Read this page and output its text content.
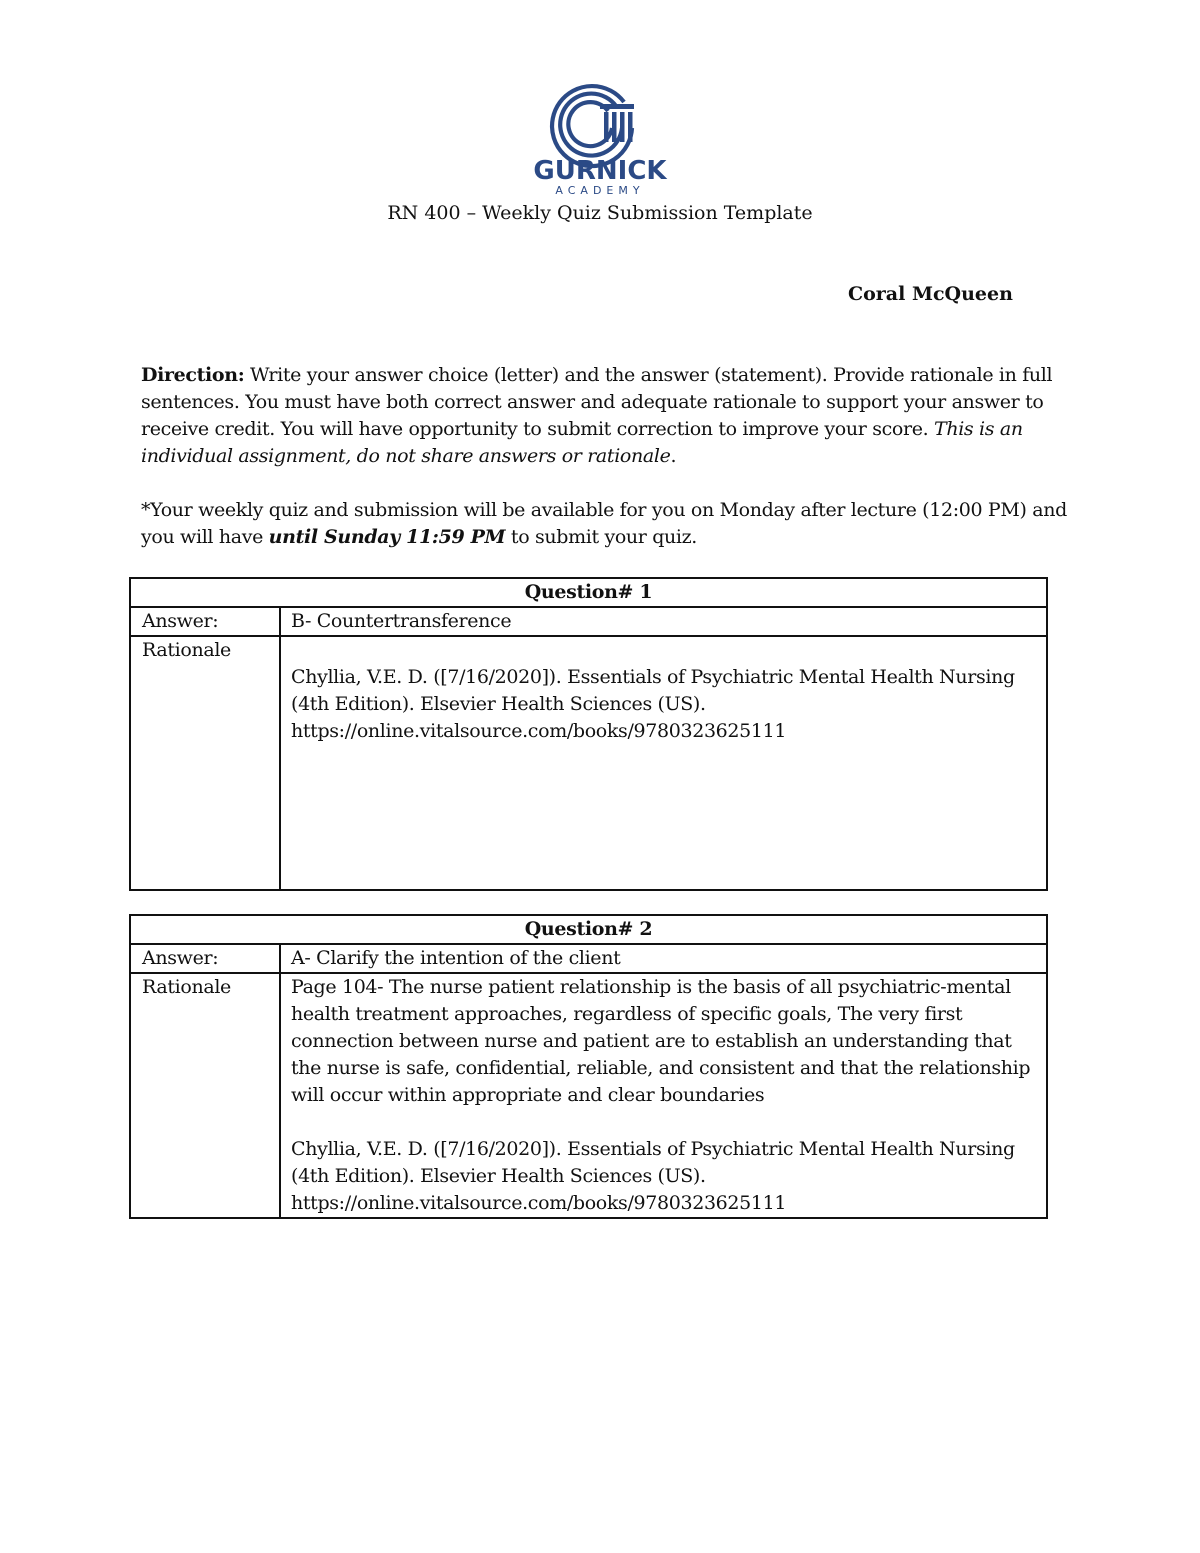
GURNICK
ACADEMY
RN 400 – Weekly Quiz Submission Template
Coral McQueen
Direction: Write your answer choice (letter) and the answer (statement). Provide rationale in full sentences. You must have both correct answer and adequate rationale to support your answer to receive credit. You will have opportunity to submit correction to improve your score. This is an individual assignment, do not share answers or rationale.
*Your weekly quiz and submission will be available for you on Monday after lecture (12:00 PM) and you will have until Sunday 11:59 PM to submit your quiz.
Question# 1	
Answer:	B- Countertransference
Rationale	Chyllia, V.E. D. ([7/16/2020]). Essentials of Psychiatric Mental Health Nursing (4th Edition). Elsevier Health Sciences (US).
https://online.vitalsource.com/books/9780323625111
Question# 2	
Answer:	A- Clarify the intention of the client
Rationale	Page 104- The nurse patient relationship is the basis of all psychiatric-mental health treatment approaches, regardless of specific goals, The very first connection between nurse and patient are to establish an understanding that the nurse is safe, confidential, reliable, and consistent and that the relationship will occur within appropriate and clear boundaries
Chyllia, V.E. D. ([7/16/2020]). Essentials of Psychiatric Mental Health Nursing (4th Edition). Elsevier Health Sciences (US).
https://online.vitalsource.com/books/9780323625111
